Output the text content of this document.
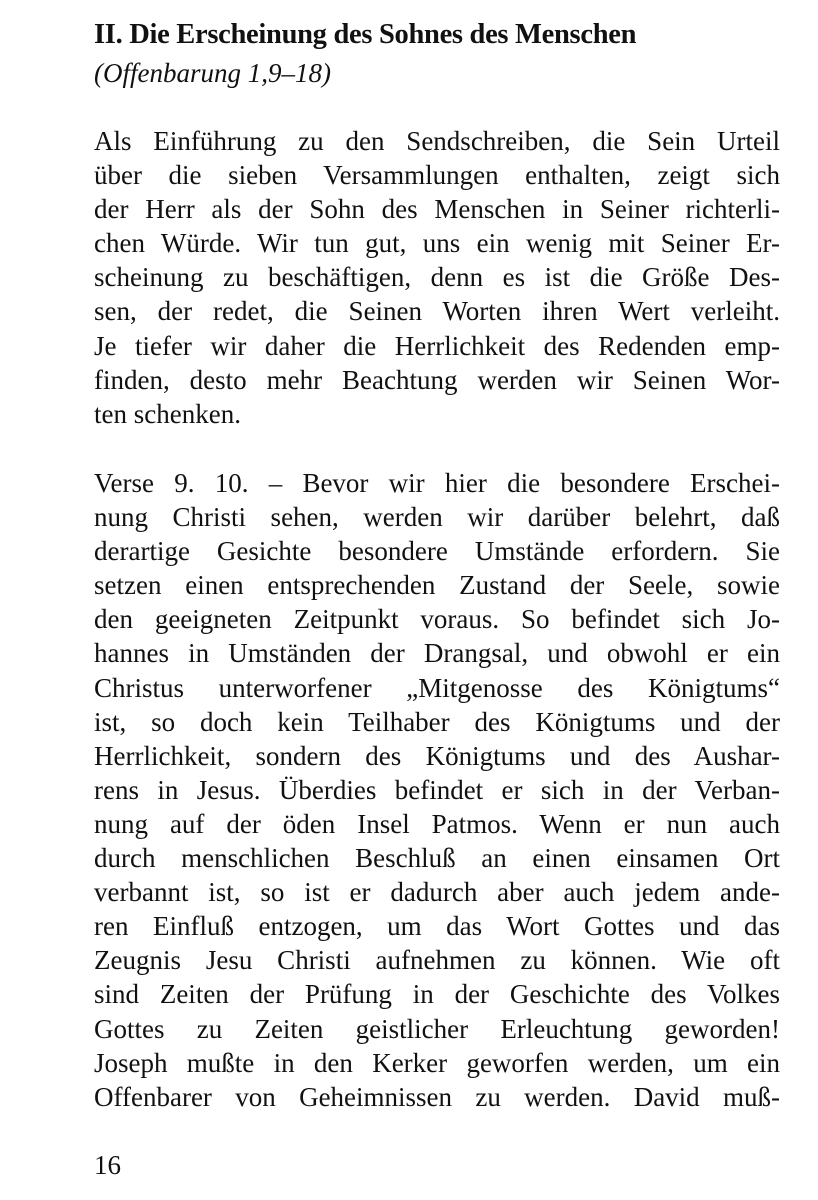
II. Die Erscheinung des Sohnes des Menschen
(Offenbarung 1,9–18)
Als Einführung zu den Sendschreiben, die Sein Urteil
über die sieben Versammlungen enthalten, zeigt sich
der Herr als der Sohn des Menschen in Seiner richterli-
chen Würde. Wir tun gut, uns ein wenig mit Seiner Er-
scheinung zu beschäftigen, denn es ist die Größe Des-
sen, der redet, die Seinen Worten ihren Wert verleiht.
Je tiefer wir daher die Herrlichkeit des Redenden emp-
finden, desto mehr Beachtung werden wir Seinen Wor-
ten schenken.
Verse 9. 10. – Bevor wir hier die besondere Erschei-
nung Christi sehen, werden wir darüber belehrt, daß
derartige Gesichte besondere Umstände erfordern. Sie
setzen einen entsprechenden Zustand der Seele, sowie
den geeigneten Zeitpunkt voraus. So befindet sich Jo-
hannes in Umständen der Drangsal, und obwohl er ein
Christus unterworfener „Mitgenosse des Königtums“
ist, so doch kein Teilhaber des Königtums und der
Herrlichkeit, sondern des Königtums und des Aushar-
rens in Jesus. Überdies befindet er sich in der Verban-
nung auf der öden Insel Patmos. Wenn er nun auch
durch menschlichen Beschluß an einen einsamen Ort
verbannt ist, so ist er dadurch aber auch jedem ande-
ren Einfluß entzogen, um das Wort Gottes und das
Zeugnis Jesu Christi aufnehmen zu können. Wie oft
sind Zeiten der Prüfung in der Geschichte des Volkes
Gottes zu Zeiten geistlicher Erleuchtung geworden!
Joseph mußte in den Kerker geworfen werden, um ein
Offenbarer von Geheimnissen zu werden. David muß-
16
